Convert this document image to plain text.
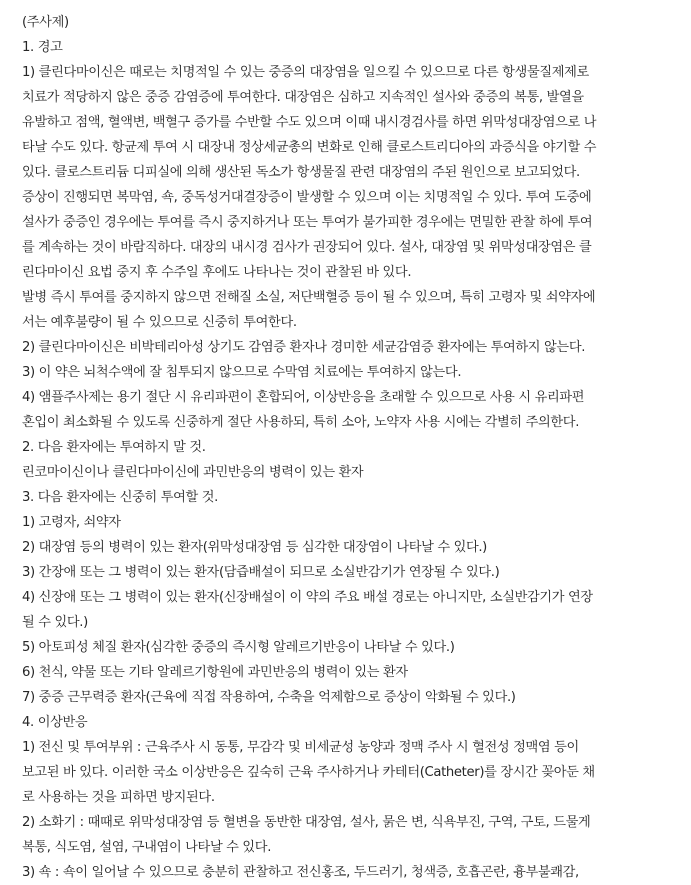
(주사제)
1. 경고
1) 클린다마이신은 때로는 치명적일 수 있는 중증의 대장염을 일으킬 수 있으므로 다른 항생물질제제로
치료가 적당하지 않은 중증 감염증에 투여한다. 대장염은 심하고 지속적인 설사와 중증의 복통, 발열을
유발하고 점액, 혈액변, 백혈구 증가를 수반할 수도 있으며 이때 내시경검사를 하면 위막성대장염으로 나
타날 수도 있다. 항균제 투여 시 대장내 정상세균총의 변화로 인해 클로스트리디아의 과증식을 야기할 수
있다. 클로스트리듐 디피실에 의해 생산된 독소가 항생물질 관련 대장염의 주된 원인으로 보고되었다.
증상이 진행되면 복막염, 쇽, 중독성거대결장증이 발생할 수 있으며 이는 치명적일 수 있다. 투여 도중에
설사가 중증인 경우에는 투여를 즉시 중지하거나 또는 투여가 불가피한 경우에는 면밀한 관찰 하에 투여
를 계속하는 것이 바람직하다. 대장의 내시경 검사가 권장되어 있다. 설사, 대장염 및 위막성대장염은 클
린다마이신 요법 중지 후 수주일 후에도 나타나는 것이 관찰된 바 있다.
발병 즉시 투여를 중지하지 않으면 전해질 소실, 저단백혈증 등이 될 수 있으며, 특히 고령자 및 쇠약자에
서는 예후불량이 될 수 있으므로 신중히 투여한다.
2) 클린다마이신은 비박테리아성 상기도 감염증 환자나 경미한 세균감염증 환자에는 투여하지 않는다.
3) 이 약은 뇌척수액에 잘 침투되지 않으므로 수막염 치료에는 투여하지 않는다.
4) 앰플주사제는 용기 절단 시 유리파편이 혼합되어, 이상반응을 초래할 수 있으므로 사용 시 유리파편
혼입이 최소화될 수 있도록 신중하게 절단 사용하되, 특히 소아, 노약자 사용 시에는 각별히 주의한다.
2. 다음 환자에는 투여하지 말 것.
린코마이신이나 클린다마이신에 과민반응의 병력이 있는 환자
3. 다음 환자에는 신중히 투여할 것.
1) 고령자, 쇠약자
2) 대장염 등의 병력이 있는 환자(위막성대장염 등 심각한 대장염이 나타날 수 있다.)
3) 간장애 또는 그 병력이 있는 환자(담즙배설이 되므로 소실반감기가 연장될 수 있다.)
4) 신장애 또는 그 병력이 있는 환자(신장배설이 이 약의 주요 배설 경로는 아니지만, 소실반감기가 연장
될 수 있다.)
5) 아토피성 체질 환자(심각한 중증의 즉시형 알레르기반응이 나타날 수 있다.)
6) 천식, 약물 또는 기타 알레르기항원에 과민반응의 병력이 있는 환자
7) 중증 근무력증 환자(근육에 직접 작용하여, 수축을 억제함으로 증상이 악화될 수 있다.)
4. 이상반응
1) 전신 및 투여부위 : 근육주사 시 동통, 무감각 및 비세균성 농양과 정맥 주사 시 혈전성 정맥염 등이
보고된 바 있다. 이러한 국소 이상반응은 깊숙히 근육 주사하거나 카테터(Catheter)를 장시간 꽂아둔 채
로 사용하는 것을 피하면 방지된다.
2) 소화기 : 때때로 위막성대장염 등 혈변을 동반한 대장염, 설사, 묽은 변, 식욕부진, 구역, 구토, 드물게
복통, 식도염, 설염, 구내염이 나타날 수 있다.
3) 쇽 : 쇽이 일어날 수 있으므로 충분히 관찰하고 전신홍조, 두드러기, 청색증, 호흡곤란, 흉부불쾌감,
